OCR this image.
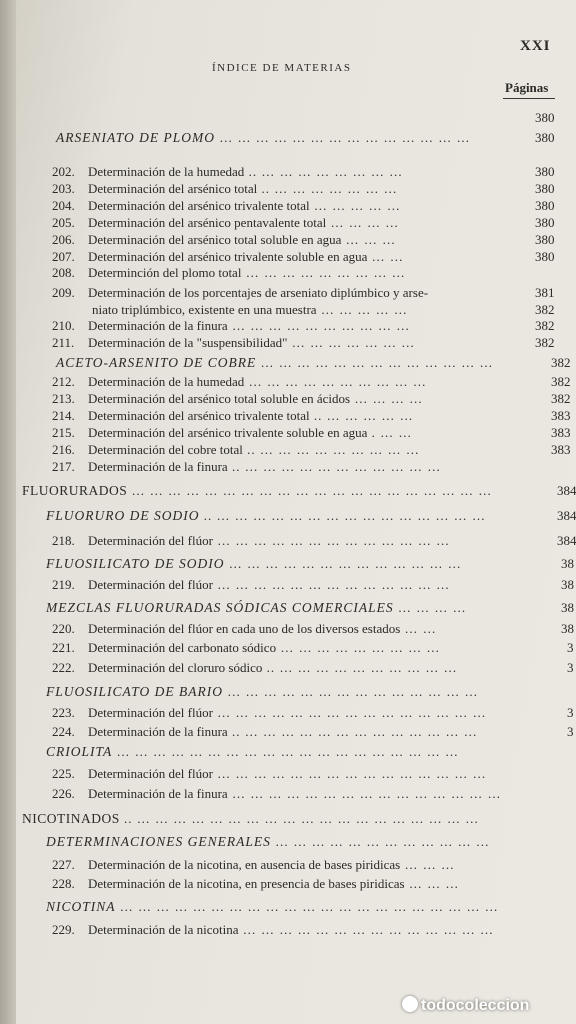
ÍNDICE DE MATERIAS
XXI
Páginas
380
ARSENIATO DE PLOMO … … … … … … … … … … … … … …	380
202. Determinación de la humedad .. … … … … … … … …	380
203. Determinación del arsénico total .. … … … … … … …	380
204. Determinación del arsénico trivalente total … … … … …	380
205. Determinación del arsénico pentavalente total … … … …	380
206. Determinación del arsénico total soluble en agua … … …	380
207. Determinación del arsénico trivalente soluble en agua … …	380
208. Determinción del plomo total … … … … … … … … …
209. Determinación de los porcentajes de arseniato diplúmbico y arse-	381
niato triplúmbico, existente en una muestra … … … … …	382
210. Determinación de la finura … … … … … … … … … …	382
211. Determinación de la "suspensibilidad" … … … … … … …	382
ACETO-ARSENITO DE COBRE … … … … … … … … … … … … …	382
212. Determinación de la humedad … … … … … … … … … …	382
213. Determinación del arsénico total soluble en ácidos … … … …	382
214. Determinación del arsénico trivalente total .. … … … … …	383
215. Determinación del arsénico trivalente soluble en agua . … …	383
216. Determinación del cobre total .. … … … … … … … … …	383
217. Determinación de la finura .. … … … … … … … … … … …
FLUORURADOS … … … … … … … … … … … … … … … … … … … …	384
FLUORURO DE SODIO .. … … … … … … … … … … … … … … …	384
218. Determinación del flúor … … … … … … … … … … … … …	384
FLUOSILICATO DE SODIO … … … … … … … … … … … … …	38
219. Determinación del flúor … … … … … … … … … … … … …	38
MEZCLAS FLUORURADAS SÓDICAS COMERCIALES … … … …	38
220. Determinación del flúor en cada uno de los diversos estados … …	38
221. Determinación del carbonato sódico … … … … … … … … …	3
222. Determinación del cloruro sódico .. … … … … … … … … … …	3
FLUOSILICATO DE BARIO … … … … … … … … … … … … … …
223. Determinación del flúor … … … … … … … … … … … … … … …	3
224. Determinación de la finura .. … … … … … … … … … … … … …	3
CRIOLITA … … … … … … … … … … … … … … … … … … …
225. Determinación del flúor … … … … … … … … … … … … … … …
226. Determinación de la finura … … … … … … … … … … … … … … …
NICOTINADOS .. … … … … … … … … … … … … … … … … … … …
DETERMINACIONES GENERALES … … … … … … … … … … … …
227. Determinación de la nicotina, en ausencia de bases piridicas … … …
228. Determinación de la nicotina, en presencia de bases piridicas … … …
NICOTINA … … … … … … … … … … … … … … … … … … … … …
229. Determinación de la nicotina … … … … … … … … … … … … … …
todocoleccion
